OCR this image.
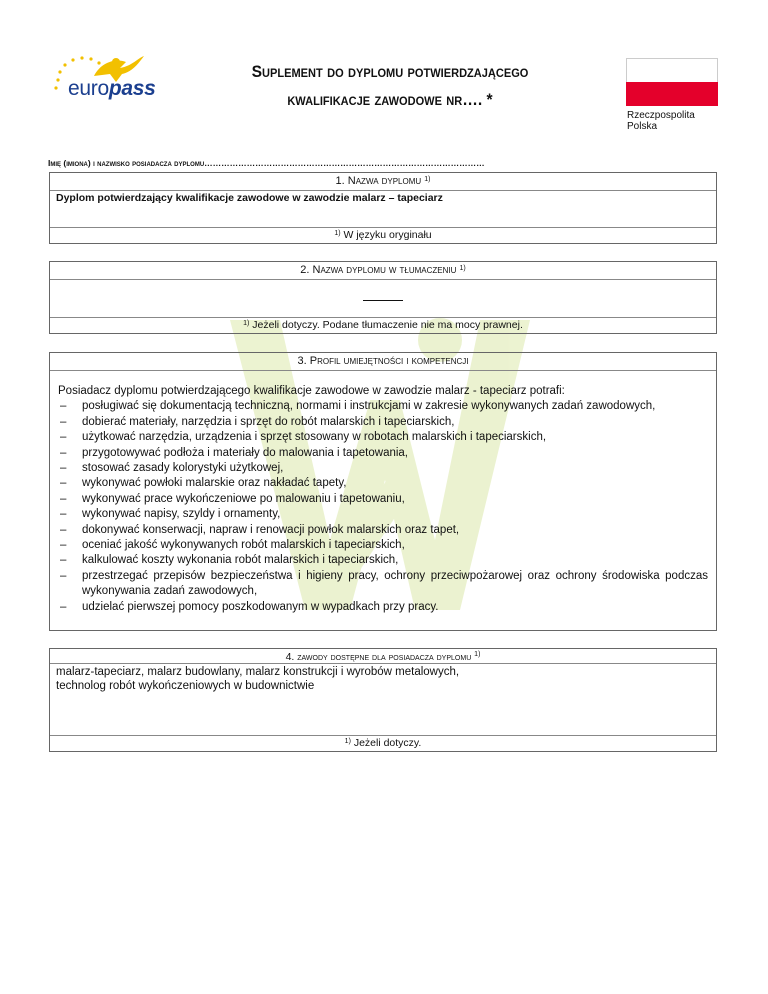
europass
Suplement do dyplomu potwierdzającego
kwalifikacje zawodowe nr…. *
Rzeczpospolita
Polska
Imię (imiona) i nazwisko posiadacza dyplomu………………………………………………………………………………………
1. Nazwa dyplomu $^{1)}$
Dyplom potwierdzający kwalifikacje zawodowe w zawodzie malarz – tapeciarz
$^{1)}$ W języku oryginału
2. Nazwa dyplomu w tłumaczeniu $^{1)}$
$^{1)}$ Jeżeli dotyczy. Podane tłumaczenie nie ma mocy prawnej.
3. Profil umiejętności i kompetencji
Posiadacz dyplomu potwierdzającego kwalifikacje zawodowe w zawodzie malarz - tapeciarz potrafi:
– posługiwać się dokumentacją techniczną, normami i instrukcjami w zakresie wykonywanych zadań zawodowych,
– dobierać materiały, narzędzia i sprzęt do robót malarskich i tapeciarskich,
– użytkować narzędzia, urządzenia i sprzęt stosowany w robotach malarskich i tapeciarskich,
– przygotowywać podłoża i materiały do malowania i tapetowania,
– stosować zasady kolorystyki użytkowej,
– wykonywać powłoki malarskie oraz nakładać tapety,
– wykonywać prace wykończeniowe po malowaniu i tapetowaniu,
– wykonywać napisy, szyldy i ornamenty,
– dokonywać konserwacji, napraw i renowacji powłok malarskich oraz tapet,
– oceniać jakość wykonywanych robót malarskich i tapeciarskich,
– kalkulować koszty wykonania robót malarskich i tapeciarskich,
– przestrzegać przepisów bezpieczeństwa i higieny pracy, ochrony przeciwpożarowej oraz ochrony środowiska podczas wykonywania zadań zawodowych,
– udzielać pierwszej pomocy poszkodowanym w wypadkach przy pracy.
4. zawody dostępne dla posiadacza dyplomu $^{1)}$
malarz-tapeciarz, malarz budowlany, malarz konstrukcji i wyrobów metalowych,
technolog robót wykończeniowych w budownictwie
$^{1)}$ Jeżeli dotyczy.
